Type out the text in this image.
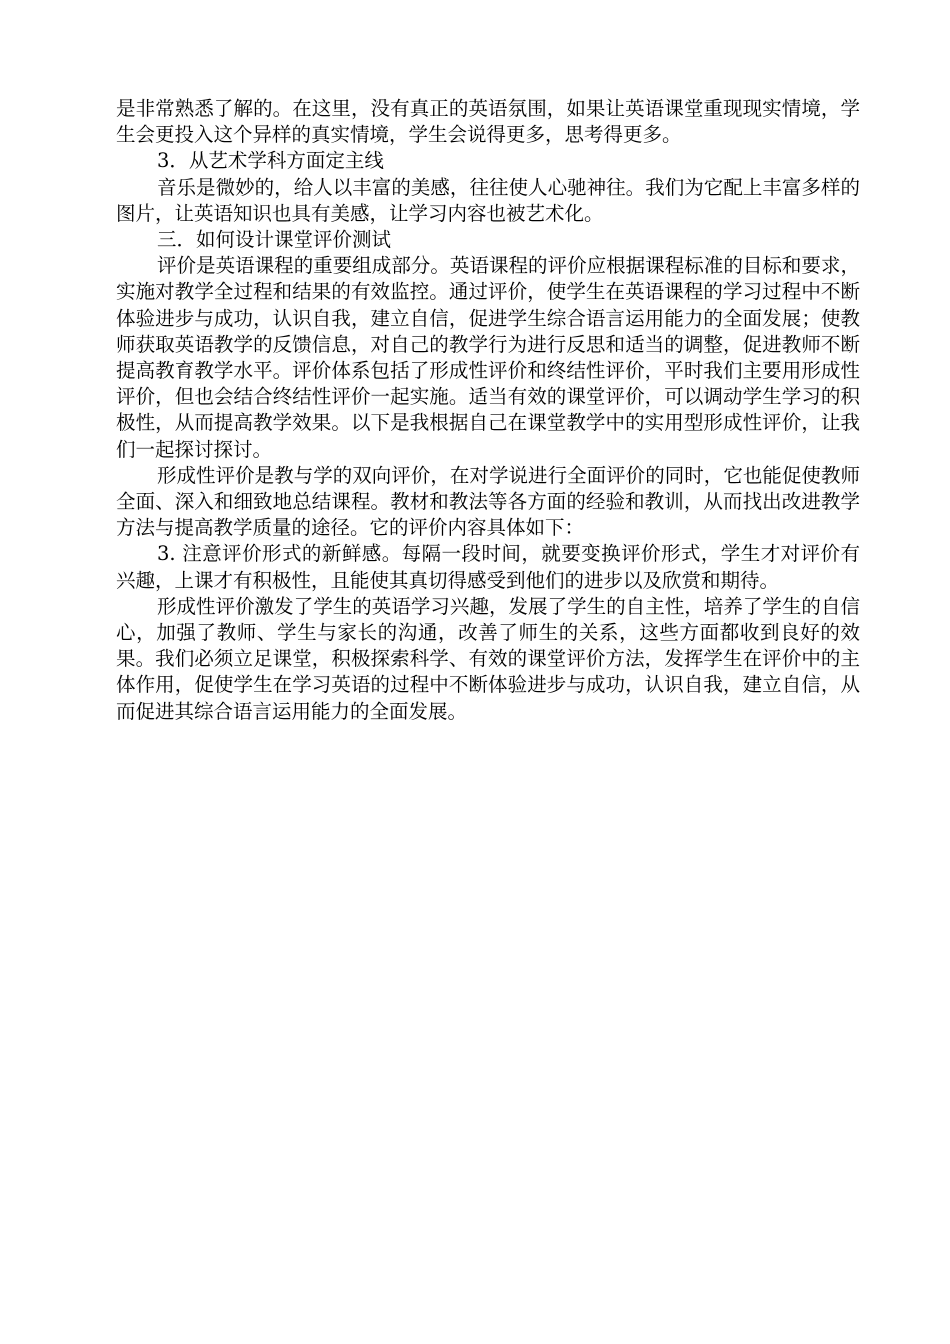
是非常熟悉了解的。在这里，没有真正的英语氛围，如果让英语课堂重现现实情境，学生会更投入这个异样的真实情境，学生会说得更多，思考得更多。

3．从艺术学科方面定主线

音乐是微妙的，给人以丰富的美感，往往使人心驰神往。我们为它配上丰富多样的图片，让英语知识也具有美感，让学习内容也被艺术化。

三．如何设计课堂评价测试

评价是英语课程的重要组成部分。英语课程的评价应根据课程标准的目标和要求，实施对教学全过程和结果的有效监控。通过评价，使学生在英语课程的学习过程中不断体验进步与成功，认识自我，建立自信，促进学生综合语言运用能力的全面发展；使教师获取英语教学的反馈信息，对自己的教学行为进行反思和适当的调整，促进教师不断提高教育教学水平。评价体系包括了形成性评价和终结性评价，平时我们主要用形成性评价，但也会结合终结性评价一起实施。适当有效的课堂评价，可以调动学生学习的积极性，从而提高教学效果。以下是我根据自己在课堂教学中的实用型形成性评价，让我们一起探讨探讨。

形成性评价是教与学的双向评价，在对学说进行全面评价的同时，它也能促使教师全面、深入和细致地总结课程。教材和教法等各方面的经验和教训，从而找出改进教学方法与提高教学质量的途径。它的评价内容具体如下：

3. 注意评价形式的新鲜感。每隔一段时间，就要变换评价形式，学生才对评价有兴趣，上课才有积极性，且能使其真切得感受到他们的进步以及欣赏和期待。

形成性评价激发了学生的英语学习兴趣，发展了学生的自主性，培养了学生的自信心，加强了教师、学生与家长的沟通，改善了师生的关系，这些方面都收到良好的效果。我们必须立足课堂，积极探索科学、有效的课堂评价方法，发挥学生在评价中的主体作用，促使学生在学习英语的过程中不断体验进步与成功，认识自我，建立自信，从而促进其综合语言运用能力的全面发展。
